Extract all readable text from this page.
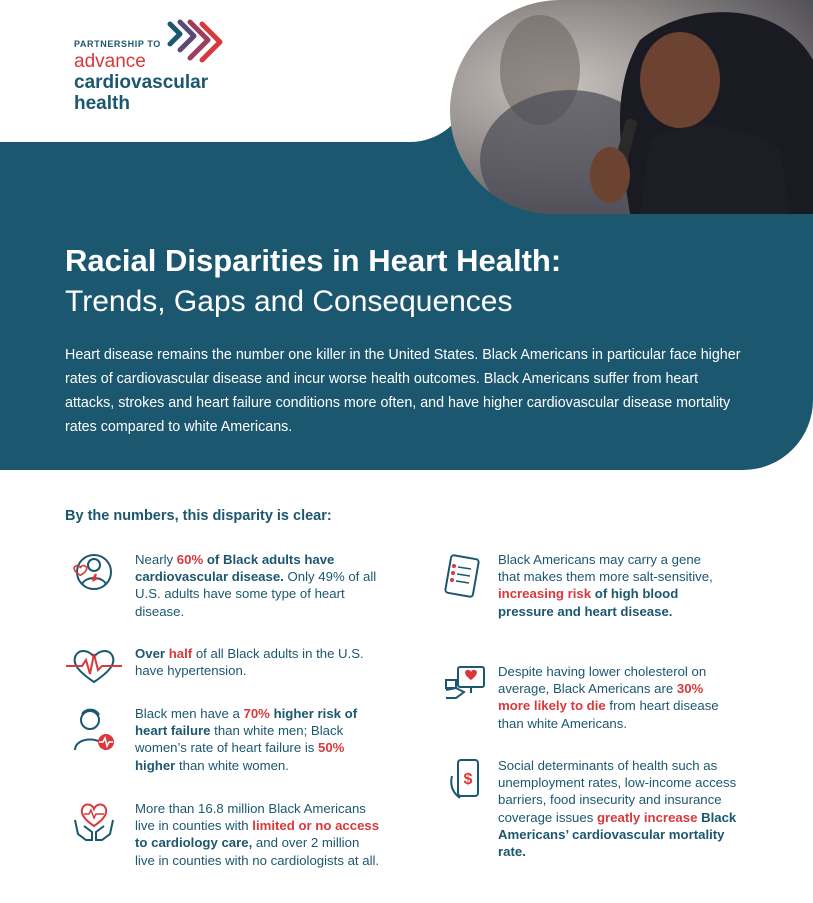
PARTNERSHIP TO
advance
cardiovascular
health
Racial Disparities in Heart Health:
Trends, Gaps and Consequences
Heart disease remains the number one killer in the United States. Black Americans in particular face higher rates of cardiovascular disease and incur worse health outcomes. Black Americans suffer from heart attacks, strokes and heart failure conditions more often, and have higher cardiovascular disease mortality rates compared to white Americans.
By the numbers, this disparity is clear:
$
Nearly 60% of Black adults have cardiovascular disease. Only 49% of all U.S. adults have some type of heart disease.
Over half of all Black adults in the U.S. have hypertension.
Black men have a 70% higher risk of heart failure than white men; Black women’s rate of heart failure is 50% higher than white women.
More than 16.8 million Black Americans live in counties with limited or no access to cardiology care, and over 2 million live in counties with no cardiologists at all.
Black Americans may carry a gene that makes them more salt-sensitive, increasing risk of high blood pressure and heart disease.
Despite having lower cholesterol on average, Black Americans are 30% more likely to die from heart disease than white Americans.
Social determinants of health such as unemployment rates, low-income access barriers, food insecurity and insurance coverage issues greatly increase Black Americans’ cardiovascular mortality rate.
